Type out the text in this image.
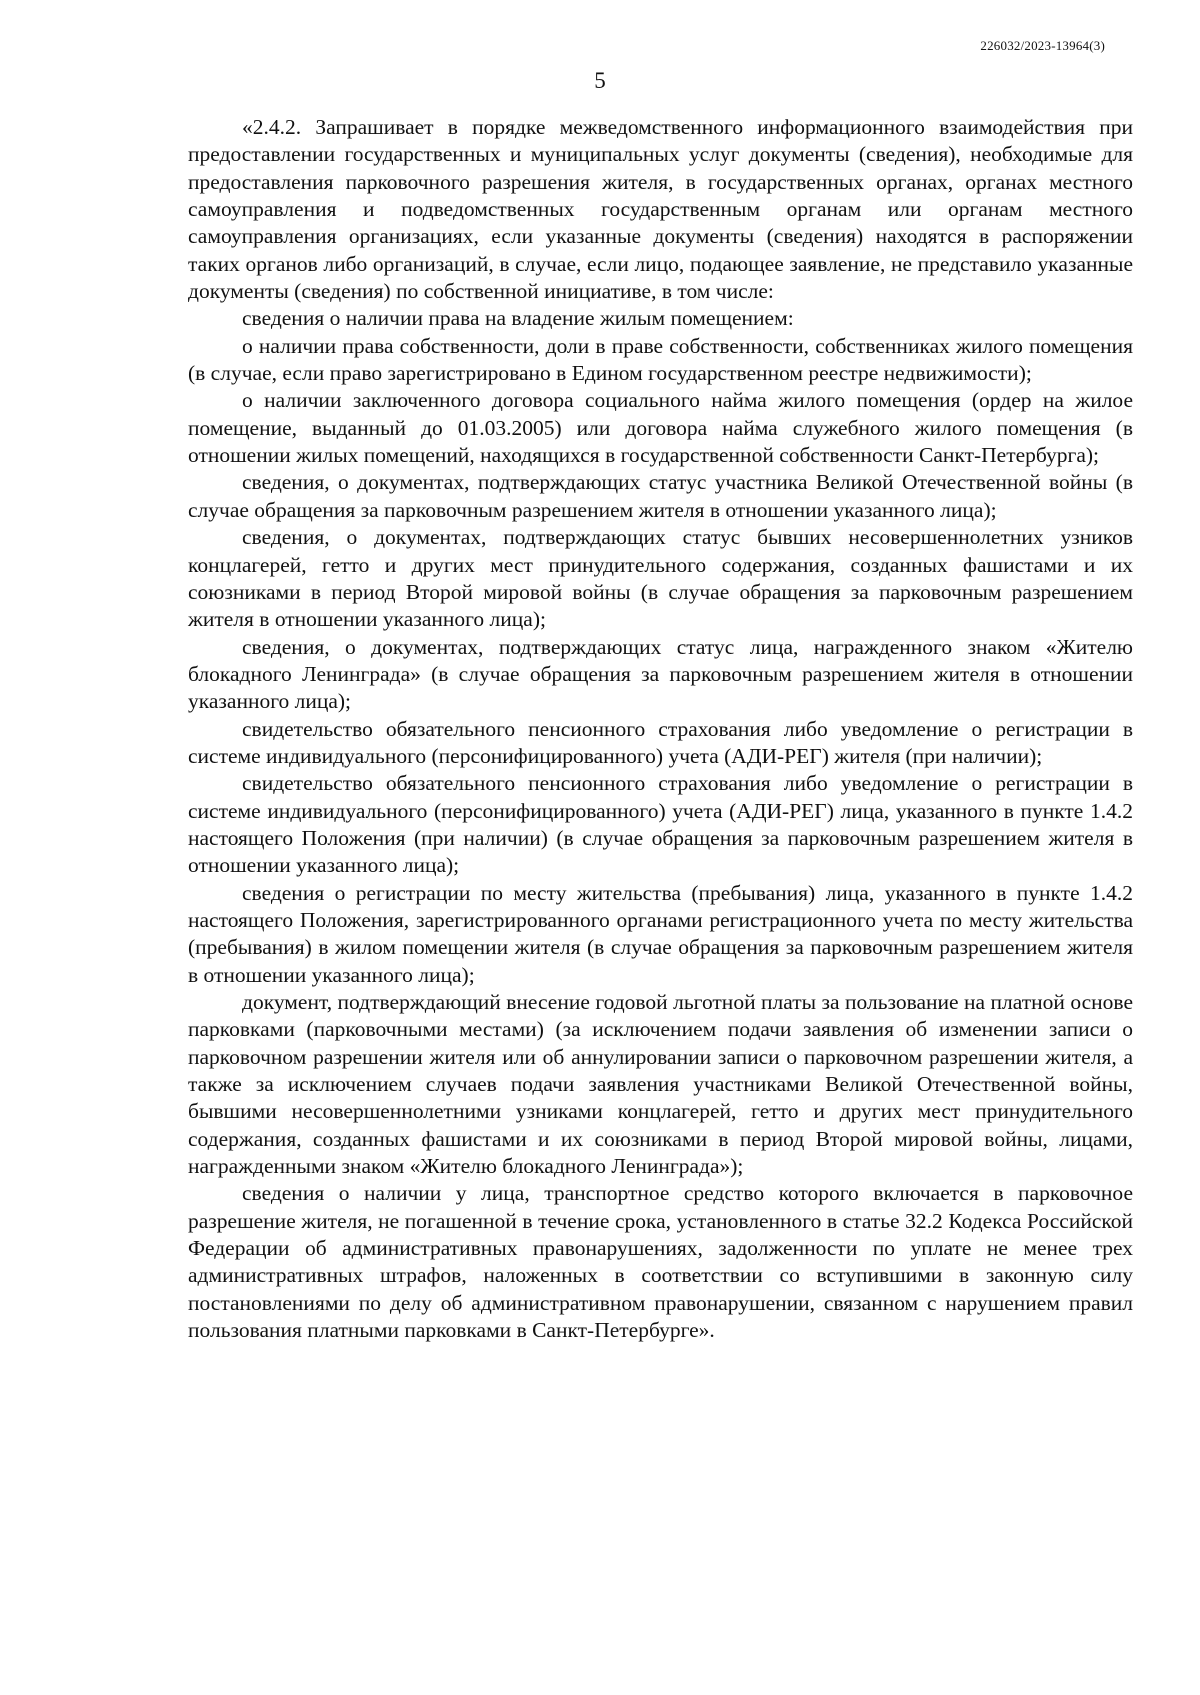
226032/2023-13964(3)
5

«2.4.2. Запрашивает в порядке межведомственного информационного взаимодействия при предоставлении государственных и муниципальных услуг документы (сведения), необходимые для предоставления парковочного разрешения жителя, в государственных органах, органах местного самоуправления и подведомственных государственным органам или органам местного самоуправления организациях, если указанные документы (сведения) находятся в распоряжении таких органов либо организаций, в случае, если лицо, подающее заявление, не представило указанные документы (сведения) по собственной инициативе, в том числе:

сведения о наличии права на владение жилым помещением:

о наличии права собственности, доли в праве собственности, собственниках жилого помещения (в случае, если право зарегистрировано в Едином государственном реестре недвижимости);

о наличии заключенного договора социального найма жилого помещения (ордер на жилое помещение, выданный до 01.03.2005) или договора найма служебного жилого помещения (в отношении жилых помещений, находящихся в государственной собственности Санкт-Петербурга);

сведения, о документах, подтверждающих статус участника Великой Отечественной войны (в случае обращения за парковочным разрешением жителя в отношении указанного лица);

сведения, о документах, подтверждающих статус бывших несовершеннолетних узников концлагерей, гетто и других мест принудительного содержания, созданных фашистами и их союзниками в период Второй мировой войны (в случае обращения за парковочным разрешением жителя в отношении указанного лица);

сведения, о документах, подтверждающих статус лица, награжденного знаком «Жителю блокадного Ленинграда» (в случае обращения за парковочным разрешением жителя в отношении указанного лица);

свидетельство обязательного пенсионного страхования либо уведомление о регистрации в системе индивидуального (персонифицированного) учета (АДИ-РЕГ) жителя (при наличии);

свидетельство обязательного пенсионного страхования либо уведомление о регистрации в системе индивидуального (персонифицированного) учета (АДИ-РЕГ) лица, указанного в пункте 1.4.2 настоящего Положения (при наличии) (в случае обращения за парковочным разрешением жителя в отношении указанного лица);

сведения о регистрации по месту жительства (пребывания) лица, указанного в пункте 1.4.2 настоящего Положения, зарегистрированного органами регистрационного учета по месту жительства (пребывания) в жилом помещении жителя (в случае обращения за парковочным разрешением жителя в отношении указанного лица);

документ, подтверждающий внесение годовой льготной платы за пользование на платной основе парковками (парковочными местами) (за исключением подачи заявления об изменении записи о парковочном разрешении жителя или об аннулировании записи о парковочном разрешении жителя, а также за исключением случаев подачи заявления участниками Великой Отечественной войны, бывшими несовершеннолетними узниками концлагерей, гетто и других мест принудительного содержания, созданных фашистами и их союзниками в период Второй мировой войны, лицами, награжденными знаком «Жителю блокадного Ленинграда»);

сведения о наличии у лица, транспортное средство которого включается в парковочное разрешение жителя, не погашенной в течение срока, установленного в статье 32.2 Кодекса Российской Федерации об административных правонарушениях, задолженности по уплате не менее трех административных штрафов, наложенных в соответствии со вступившими в законную силу постановлениями по делу об административном правонарушении, связанном с нарушением правил пользования платными парковками в Санкт-Петербурге».
